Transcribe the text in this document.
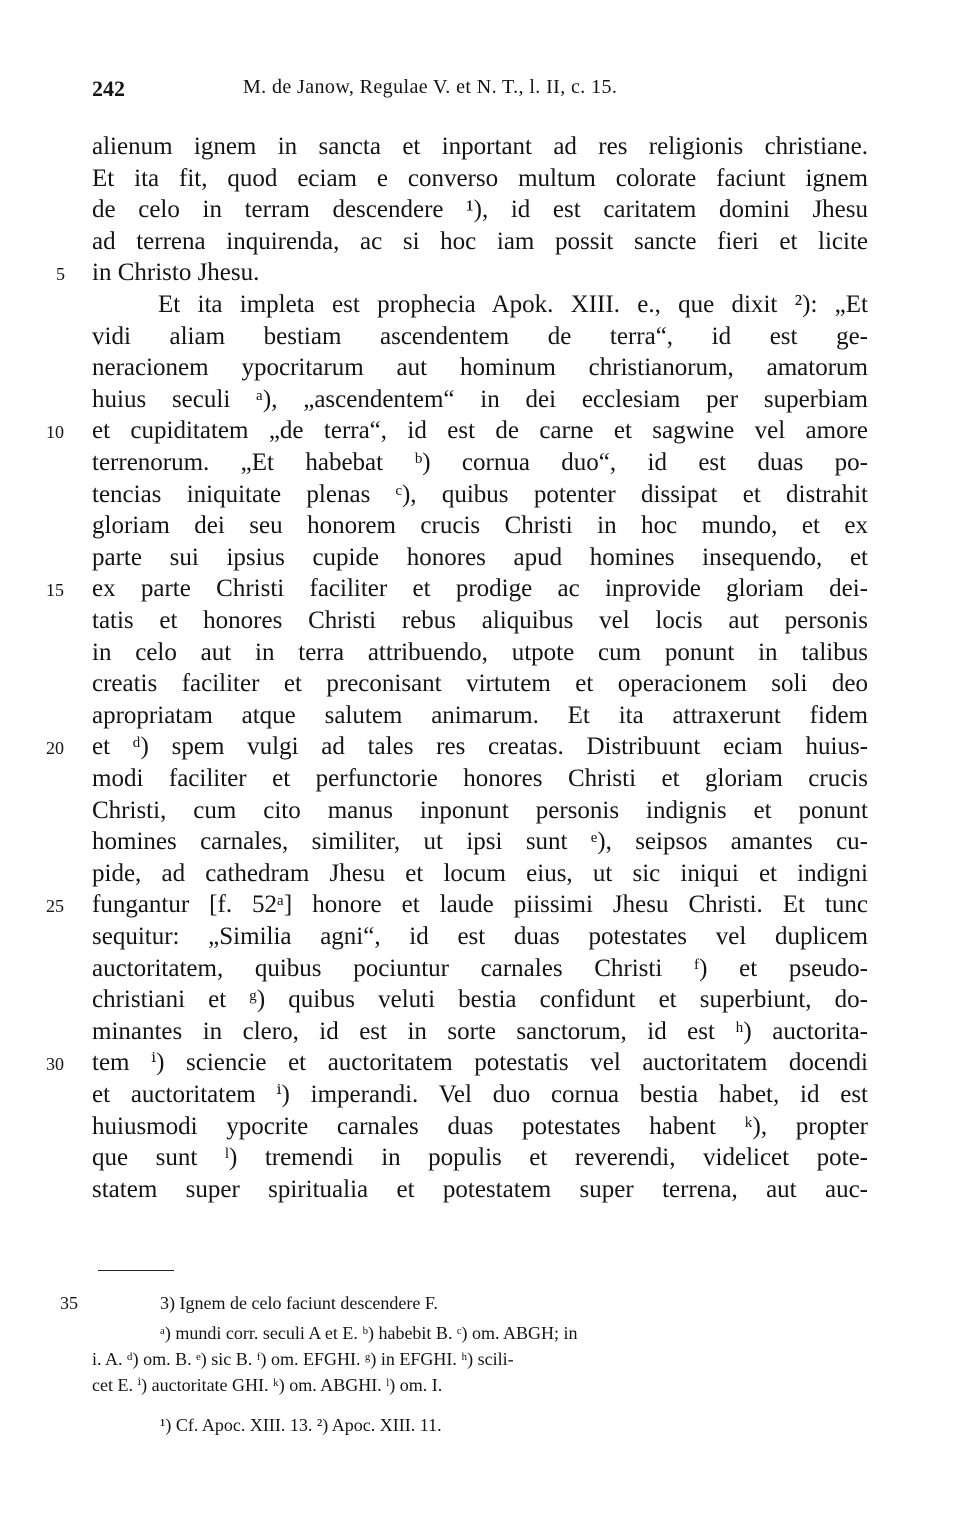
242	M. de Janow, Regulae V. et N. T., l. II, c. 15.
alienum ignem in sancta et inportant ad res religionis christiane.
Et ita fit, quod eciam e converso multum colorate faciunt ignem
de celo in terram descendere ¹), id est caritatem domini Jhesu
ad terrena inquirenda, ac si hoc iam possit sancte fieri et licite
in Christo Jhesu.
Et ita impleta est prophecia Apok. XIII. e., que dixit ²): „Et
vidi aliam bestiam ascendentem de terra“, id est ge-
neracionem ypocritarum aut hominum christianorum, amatorum
huius seculi ᵃ), „ascendentem“ in dei ecclesiam per superbiam
et cupiditatem „de terra“, id est de carne et sagwine vel amore
terrenorum. „Et habebat ᵇ) cornua duo“, id est duas po-
tencias iniquitate plenas ᶜ), quibus potenter dissipat et distrahit
gloriam dei seu honorem crucis Christi in hoc mundo, et ex
parte sui ipsius cupide honores apud homines insequendo, et
ex parte Christi faciliter et prodige ac inprovide gloriam dei-
tatis et honores Christi rebus aliquibus vel locis aut personis
in celo aut in terra attribuendo, utpote cum ponunt in talibus
creatis faciliter et preconisant virtutem et operacionem soli deo
apropriatam atque salutem animarum. Et ita attraxerunt fidem
et ᵈ) spem vulgi ad tales res creatas. Distribuunt eciam huius-
modi faciliter et perfunctorie honores Christi et gloriam crucis
Christi, cum cito manus inponunt personis indignis et ponunt
homines carnales, similiter, ut ipsi sunt ᵉ), seipsos amantes cu-
pide, ad cathedram Jhesu et locum eius, ut sic iniqui et indigni
fungantur [f. 52ᵃ] honore et laude piissimi Jhesu Christi. Et tunc
sequitur: „Similia agni“, id est duas potestates vel duplicem
auctoritatem, quibus pociuntur carnales Christi ᶠ) et pseudo-
christiani et ᵍ) quibus veluti bestia confidunt et superbiunt, do-
minantes in clero, id est in sorte sanctorum, id est ʰ) auctorita-
tem ⁱ) sciencie et auctoritatem potestatis vel auctoritatem docendi
et auctoritatem ⁱ) imperandi. Vel duo cornua bestia habet, id est
huiusmodi ypocrite carnales duas potestates habent ᵏ), propter
que sunt ˡ) tremendi in populis et reverendi, videlicet pote-
statem super spiritualia et potestatem super terrena, aut auc-
5
10
15
20
25
30
35	3) Ignem de celo faciunt descendere F.
ᵃ) mundi corr. seculi A et E. ᵇ) habebit B. ᶜ) om. ABGH; in
i. A. ᵈ) om. B. ᵉ) sic B. ᶠ) om. EFGHI. ᵍ) in EFGHI. ʰ) scili-
cet E. ⁱ) auctoritate GHI. ᵏ) om. ABGHI. ˡ) om. I.
¹) Cf. Apoc. XIII. 13. ²) Apoc. XIII. 11.
